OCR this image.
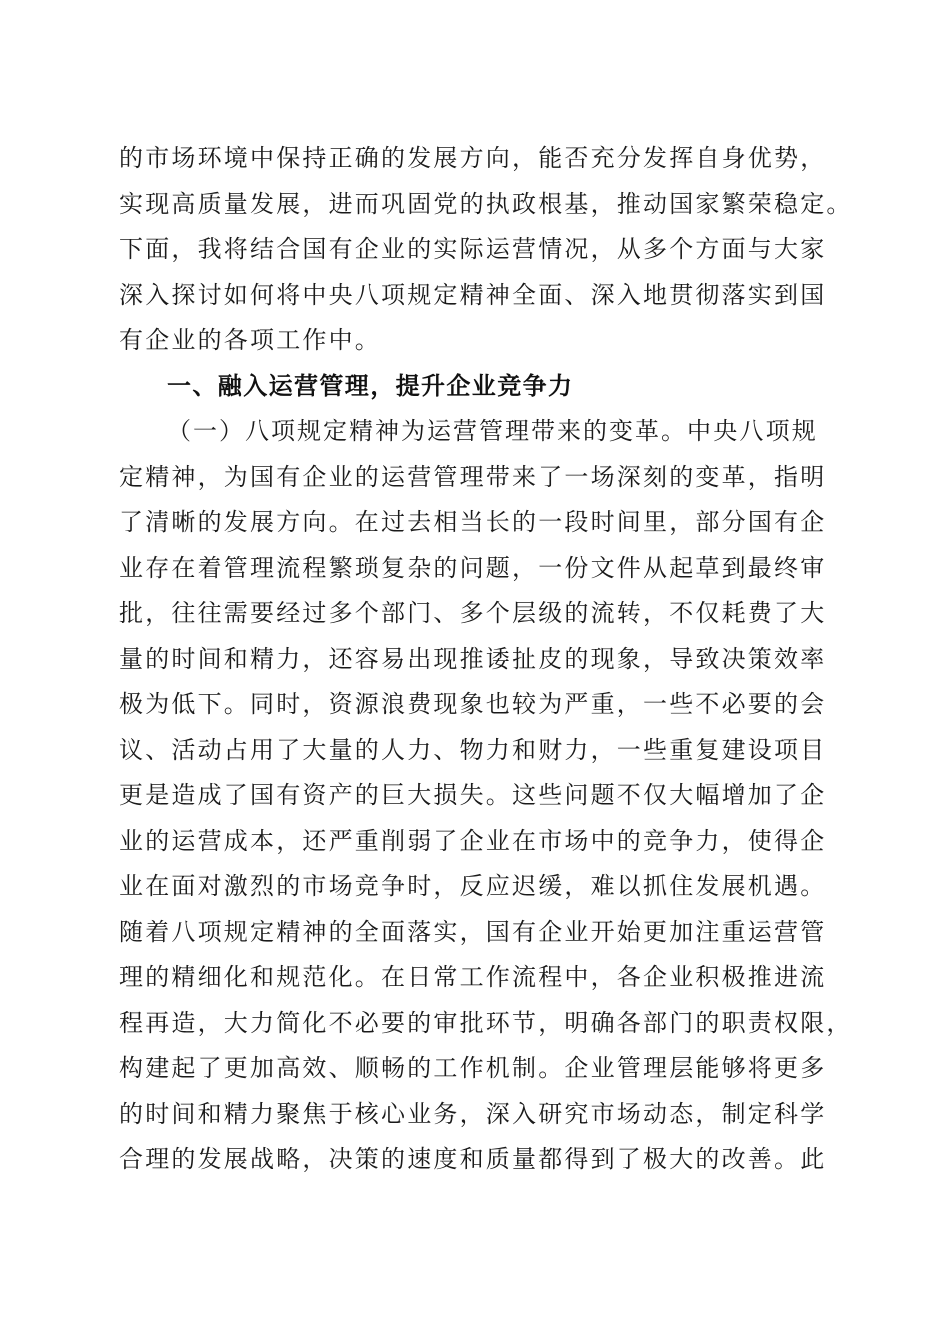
的市场环境中保持正确的发展方向，能否充分发挥自身优势，
实现高质量发展，进而巩固党的执政根基，推动国家繁荣稳定。
下面，我将结合国有企业的实际运营情况，从多个方面与大家
深入探讨如何将中央八项规定精神全面、深入地贯彻落实到国
有企业的各项工作中。
一、融入运营管理，提升企业竞争力
（一）八项规定精神为运营管理带来的变革。中央八项规
定精神，为国有企业的运营管理带来了一场深刻的变革，指明
了清晰的发展方向。在过去相当长的一段时间里，部分国有企
业存在着管理流程繁琐复杂的问题，一份文件从起草到最终审
批，往往需要经过多个部门、多个层级的流转，不仅耗费了大
量的时间和精力，还容易出现推诿扯皮的现象，导致决策效率
极为低下。同时，资源浪费现象也较为严重，一些不必要的会
议、活动占用了大量的人力、物力和财力，一些重复建设项目
更是造成了国有资产的巨大损失。这些问题不仅大幅增加了企
业的运营成本，还严重削弱了企业在市场中的竞争力，使得企
业在面对激烈的市场竞争时，反应迟缓，难以抓住发展机遇。
随着八项规定精神的全面落实，国有企业开始更加注重运营管
理的精细化和规范化。在日常工作流程中，各企业积极推进流
程再造，大力简化不必要的审批环节，明确各部门的职责权限，
构建起了更加高效、顺畅的工作机制。企业管理层能够将更多
的时间和精力聚焦于核心业务，深入研究市场动态，制定科学
合理的发展战略，决策的速度和质量都得到了极大的改善。此
